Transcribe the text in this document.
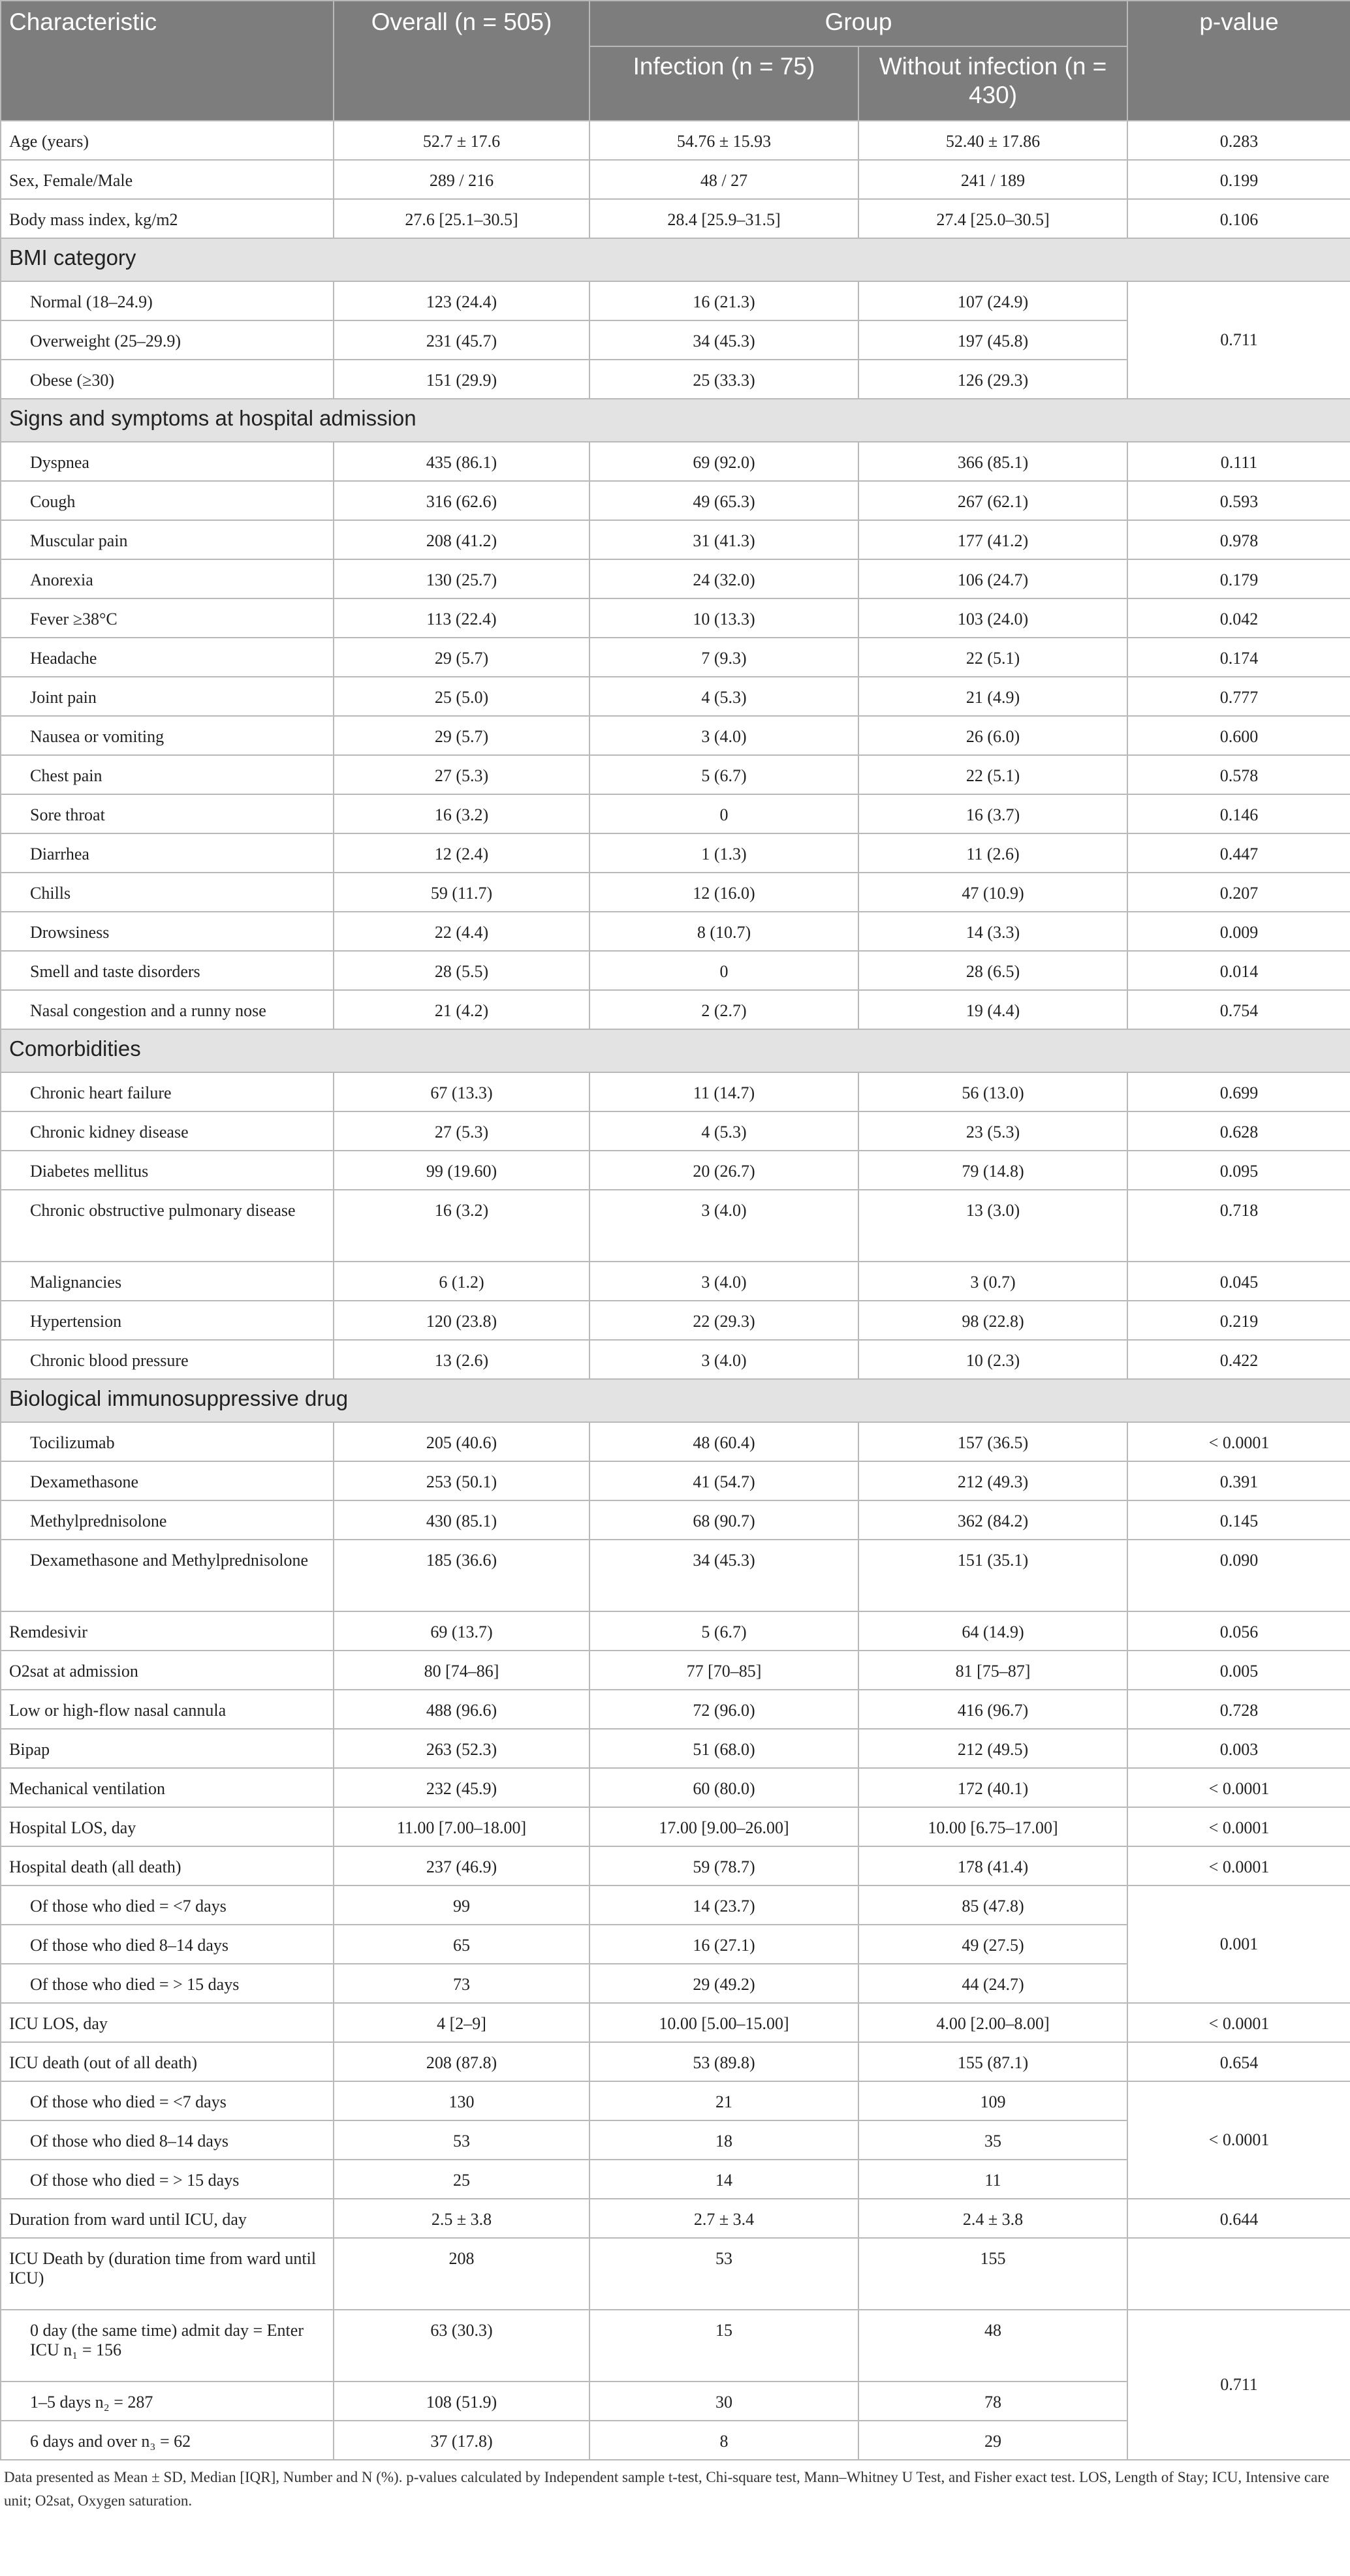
Characteristic	Overall (n = 505)	Group		p-value
		Infection (n = 75)	Without infection (n = 430)	
Age (years)	52.7 ± 17.6	54.76 ± 15.93	52.40 ± 17.86	0.283
Sex, Female/Male	289 / 216	48 / 27	241 / 189	0.199
Body mass index, kg/m2	27.6 [25.1–30.5]	28.4 [25.9–31.5]	27.4 [25.0–30.5]	0.106
BMI category				
Normal (18–24.9)	123 (24.4)	16 (21.3)	107 (24.9)	0.711
Overweight (25–29.9)	231 (45.7)	34 (45.3)	197 (45.8)	
Obese (≥30)	151 (29.9)	25 (33.3)	126 (29.3)	
Signs and symptoms at hospital admission				
Dyspnea	435 (86.1)	69 (92.0)	366 (85.1)	0.111
Cough	316 (62.6)	49 (65.3)	267 (62.1)	0.593
Muscular pain	208 (41.2)	31 (41.3)	177 (41.2)	0.978
Anorexia	130 (25.7)	24 (32.0)	106 (24.7)	0.179
Fever ≥38°C	113 (22.4)	10 (13.3)	103 (24.0)	0.042
Headache	29 (5.7)	7 (9.3)	22 (5.1)	0.174
Joint pain	25 (5.0)	4 (5.3)	21 (4.9)	0.777
Nausea or vomiting	29 (5.7)	3 (4.0)	26 (6.0)	0.600
Chest pain	27 (5.3)	5 (6.7)	22 (5.1)	0.578
Sore throat	16 (3.2)	0	16 (3.7)	0.146
Diarrhea	12 (2.4)	1 (1.3)	11 (2.6)	0.447
Chills	59 (11.7)	12 (16.0)	47 (10.9)	0.207
Drowsiness	22 (4.4)	8 (10.7)	14 (3.3)	0.009
Smell and taste disorders	28 (5.5)	0	28 (6.5)	0.014
Nasal congestion and a runny nose	21 (4.2)	2 (2.7)	19 (4.4)	0.754
Comorbidities				
Chronic heart failure	67 (13.3)	11 (14.7)	56 (13.0)	0.699
Chronic kidney disease	27 (5.3)	4 (5.3)	23 (5.3)	0.628
Diabetes mellitus	99 (19.60)	20 (26.7)	79 (14.8)	0.095
Chronic obstructive pulmonary disease	16 (3.2)	3 (4.0)	13 (3.0)	0.718
Malignancies	6 (1.2)	3 (4.0)	3 (0.7)	0.045
Hypertension	120 (23.8)	22 (29.3)	98 (22.8)	0.219
Chronic blood pressure	13 (2.6)	3 (4.0)	10 (2.3)	0.422
Biological immunosuppressive drug				
Tocilizumab	205 (40.6)	48 (60.4)	157 (36.5)	< 0.0001
Dexamethasone	253 (50.1)	41 (54.7)	212 (49.3)	0.391
Methylprednisolone	430 (85.1)	68 (90.7)	362 (84.2)	0.145
Dexamethasone and Methylprednisolone	185 (36.6)	34 (45.3)	151 (35.1)	0.090
Remdesivir	69 (13.7)	5 (6.7)	64 (14.9)	0.056
O2sat at admission	80 [74–86]	77 [70–85]	81 [75–87]	0.005
Low or high-flow nasal cannula	488 (96.6)	72 (96.0)	416 (96.7)	0.728
Bipap	263 (52.3)	51 (68.0)	212 (49.5)	0.003
Mechanical ventilation	232 (45.9)	60 (80.0)	172 (40.1)	< 0.0001
Hospital LOS, day	11.00 [7.00–18.00]	17.00 [9.00–26.00]	10.00 [6.75–17.00]	< 0.0001
Hospital death (all death)	237 (46.9)	59 (78.7)	178 (41.4)	< 0.0001
Of those who died = <7 days	99	14 (23.7)	85 (47.8)	0.001
Of those who died 8–14 days	65	16 (27.1)	49 (27.5)	
Of those who died = > 15 days	73	29 (49.2)	44 (24.7)	
ICU LOS, day	4 [2–9]	10.00 [5.00–15.00]	4.00 [2.00–8.00]	< 0.0001
ICU death (out of all death)	208 (87.8)	53 (89.8)	155 (87.1)	0.654
Of those who died = <7 days	130	21	109	< 0.0001
Of those who died 8–14 days	53	18	35	
Of those who died = > 15 days	25	14	11	
Duration from ward until ICU, day	2.5 ± 3.8	2.7 ± 3.4	2.4 ± 3.8	0.644
ICU Death by (duration time from ward until ICU)	208	53	155	
0 day (the same time) admit day = Enter ICU n₁ = 156	63 (30.3)	15	48	0.711
1–5 days n₂ = 287	108 (51.9)	30	78	
6 days and over n₃ = 62	37 (17.8)	8	29	
Data presented as Mean ± SD, Median [IQR], Number and N (%). p-values calculated by Independent sample t-test, Chi-square test, Mann–Whitney U Test, and Fisher exact test. LOS, Length of Stay; ICU, Intensive care unit; O2sat, Oxygen saturation.
